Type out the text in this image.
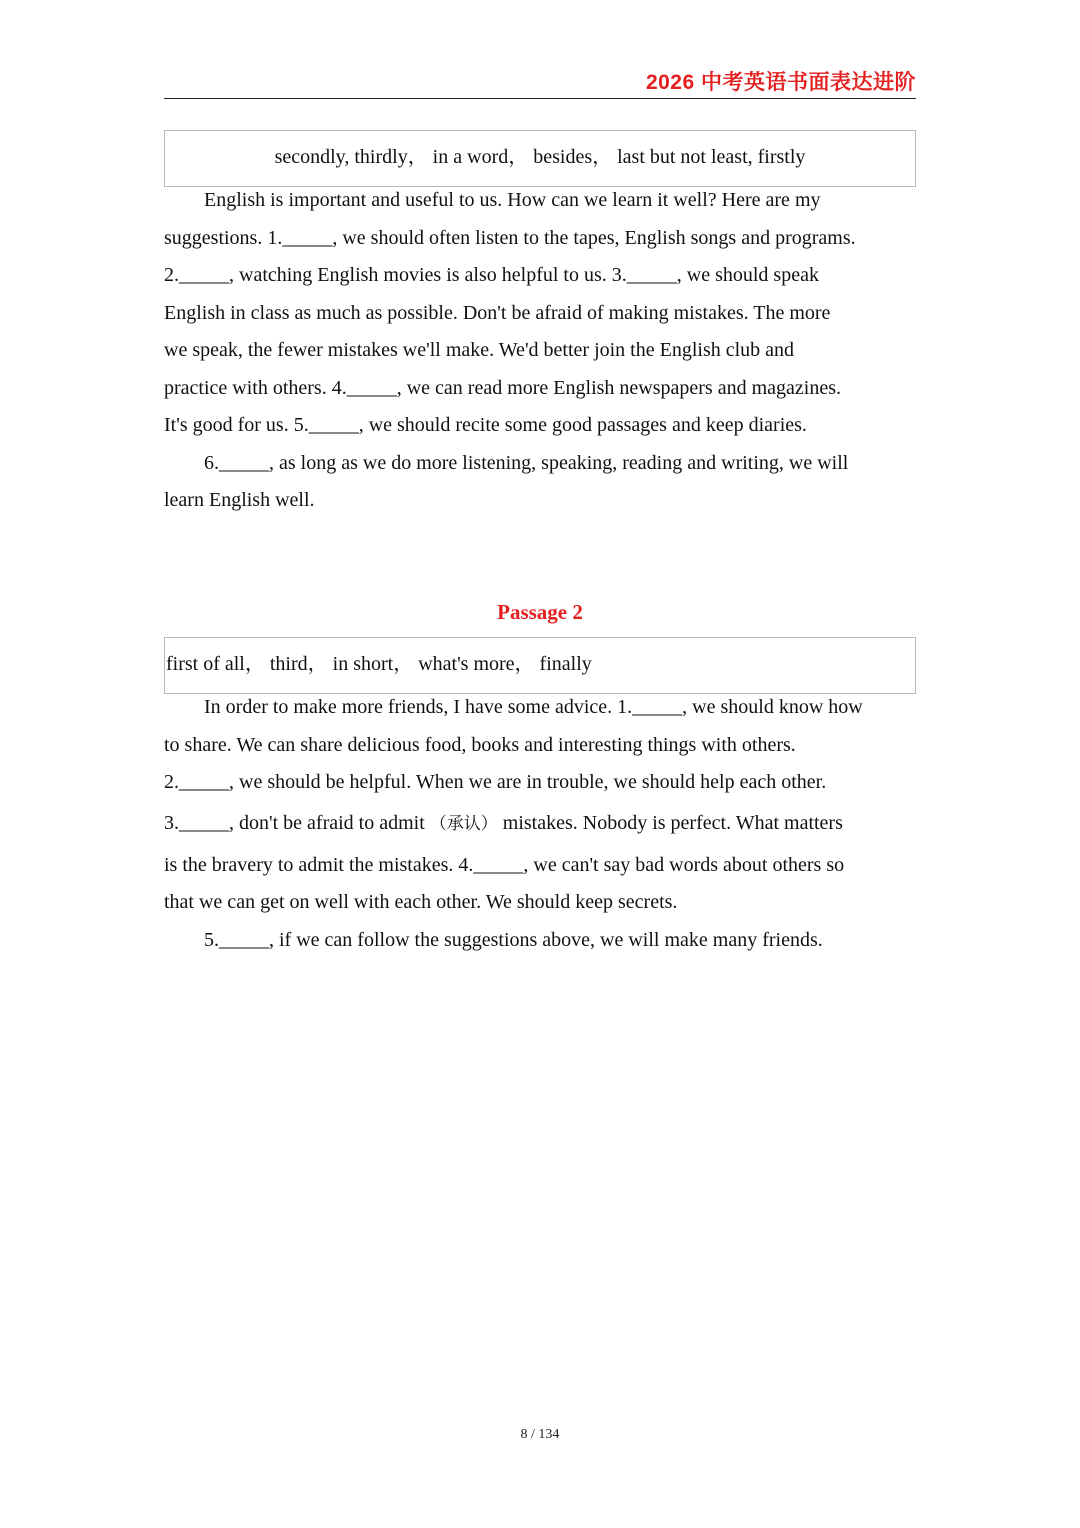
2026 中考英语书面表达进阶
secondly, thirdly， in a word， besides， last but not least, firstly
English is important and useful to us. How can we learn it well? Here are my
suggestions. 1._____, we should often listen to the tapes, English songs and programs.
2._____, watching English movies is also helpful to us. 3._____, we should speak
English in class as much as possible. Don't be afraid of making mistakes. The more
we speak, the fewer mistakes we'll make. We'd better join the English club and
practice with others. 4._____, we can read more English newspapers and magazines.
It's good for us. 5._____, we should recite some good passages and keep diaries.
6._____, as long as we do more listening, speaking, reading and writing, we will
learn English well.
Passage 2
first of all， third， in short， what's more， finally
In order to make more friends, I have some advice. 1._____, we should know how
to share. We can share delicious food, books and interesting things with others.
2._____, we should be helpful. When we are in trouble, we should help each other.
3._____, don't be afraid to admit （承认） mistakes. Nobody is perfect. What matters
is the bravery to admit the mistakes. 4._____, we can't say bad words about others so
that we can get on well with each other. We should keep secrets.
5._____, if we can follow the suggestions above, we will make many friends.
8 / 134
